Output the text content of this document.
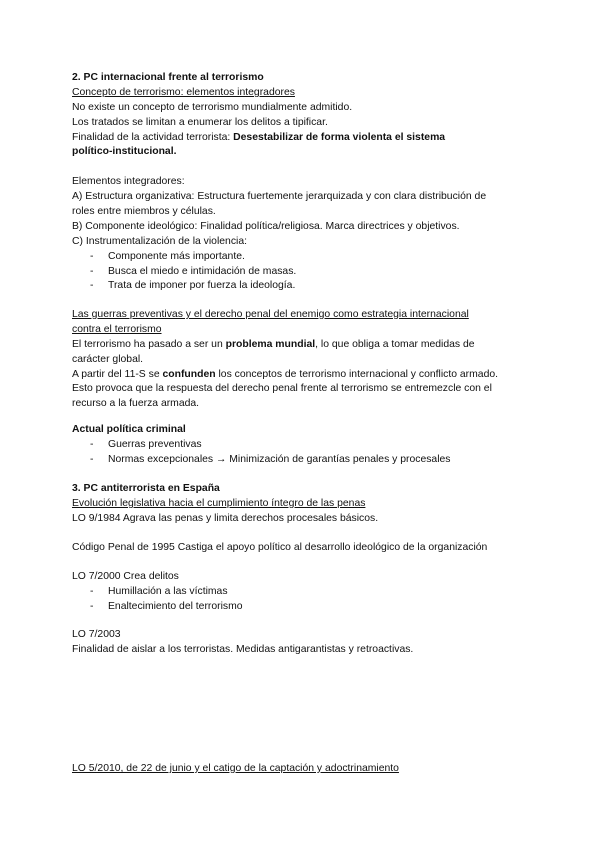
2. PC internacional frente al terrorismo
Concepto de terrorismo: elementos integradores
No existe un concepto de terrorismo mundialmente admitido.
Los tratados se limitan a enumerar los delitos a tipificar.
Finalidad de la actividad terrorista: Desestabilizar de forma violenta el sistema
político-institucional.
Elementos integradores:
A) Estructura organizativa: Estructura fuertemente jerarquizada y con clara distribución de
roles entre miembros y células.
B) Componente ideológico: Finalidad política/religiosa. Marca directrices y objetivos.
C) Instrumentalización de la violencia:
-	Componente más importante.
-	Busca el miedo e intimidación de masas.
-	Trata de imponer por fuerza la ideología.
Las guerras preventivas y el derecho penal del enemigo como estrategia internacional
contra el terrorismo
El terrorismo ha pasado a ser un problema mundial, lo que obliga a tomar medidas de
carácter global.
A partir del 11-S se confunden los conceptos de terrorismo internacional y conflicto armado.
Esto provoca que la respuesta del derecho penal frente al terrorismo se entremezcle con el
recurso a la fuerza armada.
Actual política criminal
-	Guerras preventivas
-	Normas excepcionales → Minimización de garantías penales y procesales
3. PC antiterrorista en España
Evolución legislativa hacia el cumplimiento íntegro de las penas
LO 9/1984 Agrava las penas y limita derechos procesales básicos.
Código Penal de 1995 Castiga el apoyo político al desarrollo ideológico de la organización
LO 7/2000 Crea delitos
-	Humillación a las víctimas
-	Enaltecimiento del terrorismo
LO 7/2003
Finalidad de aislar a los terroristas. Medidas antigarantistas y retroactivas.
LO 5/2010, de 22 de junio y el catigo de la captación y adoctrinamiento
